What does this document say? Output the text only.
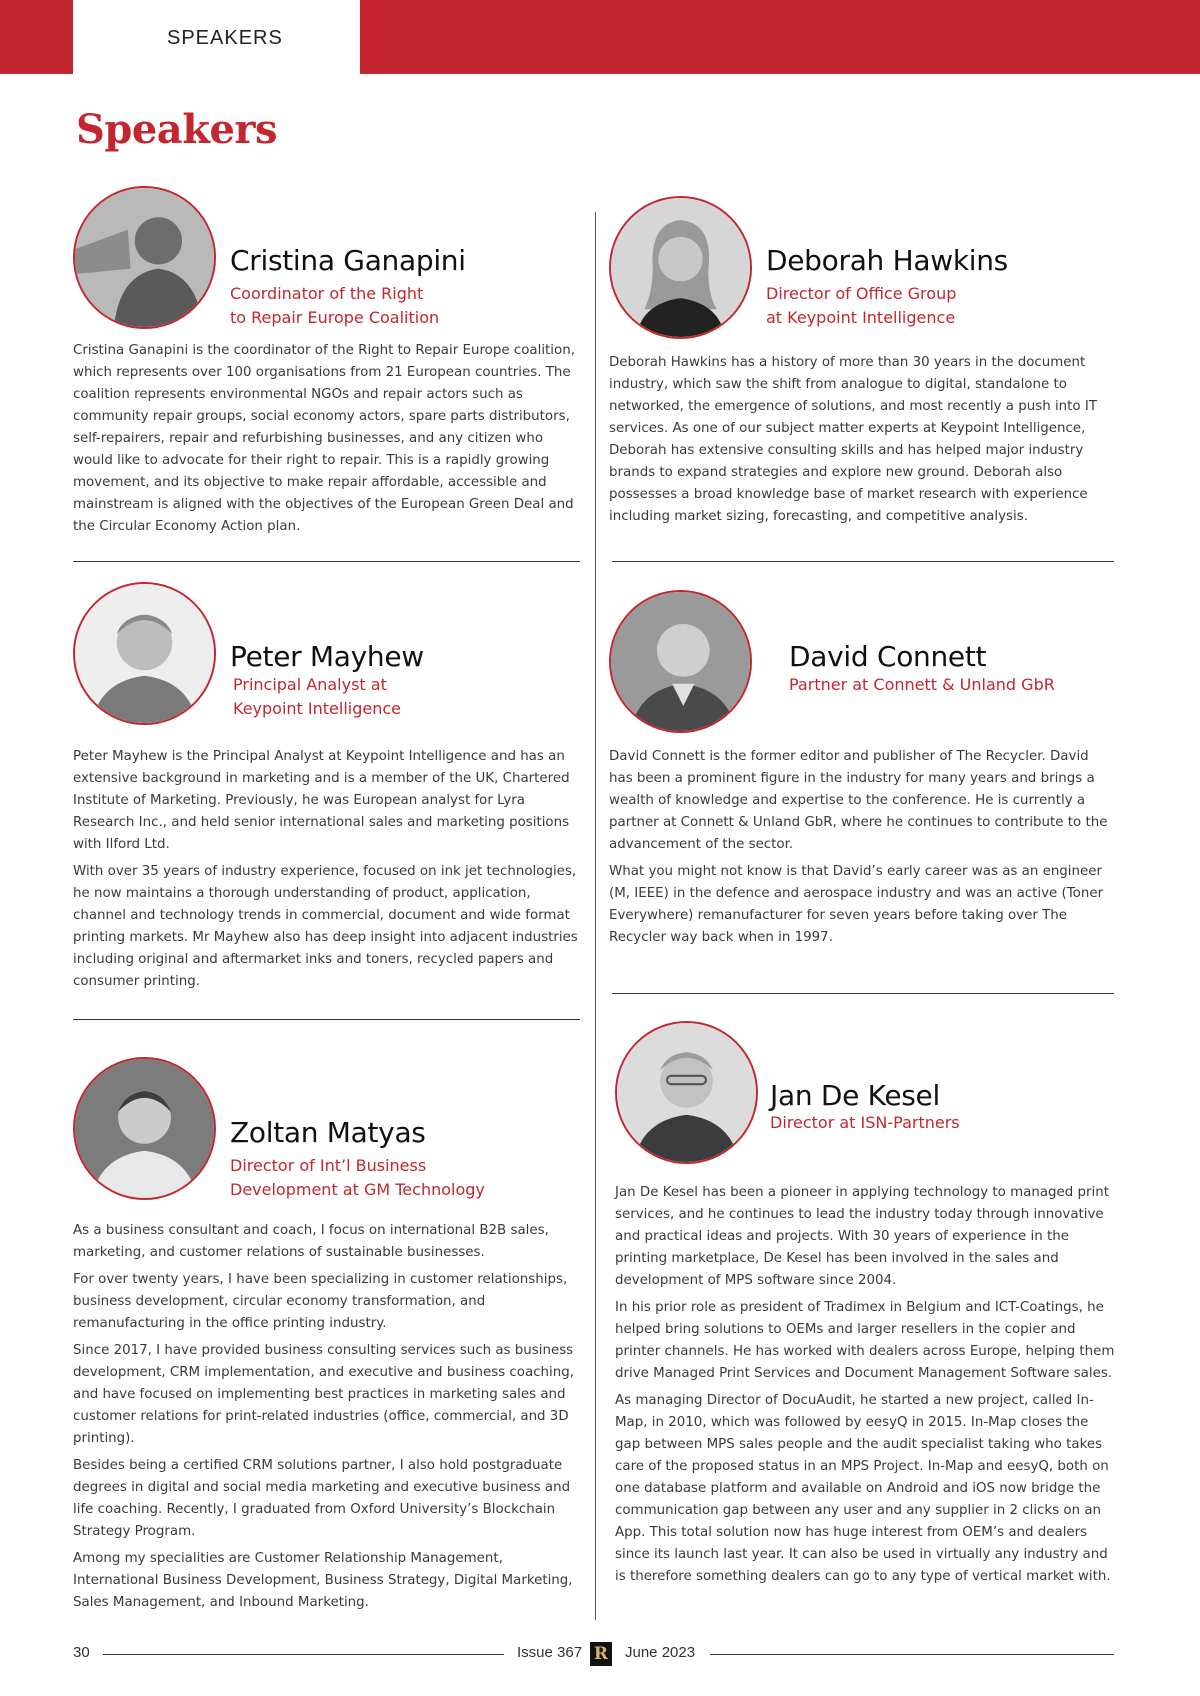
SPEAKERS
Speakers
Cristina Ganapini
Coordinator of the Right
to Repair Europe Coalition

Cristina Ganapini is the coordinator of the Right to Repair Europe coalition, which represents over 100 organisations from 21 European countries. The coalition represents environmental NGOs and repair actors such as community repair groups, social economy actors, spare parts distributors, self-repairers, repair and refurbishing businesses, and any citizen who would like to advocate for their right to repair. This is a rapidly growing movement, and its objective to make repair affordable, accessible and mainstream is aligned with the objectives of the European Green Deal and the Circular Economy Action plan.

Deborah Hawkins
Director of Office Group
at Keypoint Intelligence

Deborah Hawkins has a history of more than 30 years in the document industry, which saw the shift from analogue to digital, standalone to networked, the emergence of solutions, and most recently a push into IT services. As one of our subject matter experts at Keypoint Intelligence, Deborah has extensive consulting skills and has helped major industry brands to expand strategies and explore new ground. Deborah also possesses a broad knowledge base of market research with experience including market sizing, forecasting, and competitive analysis.

Peter Mayhew
Principal Analyst at
Keypoint Intelligence

Peter Mayhew is the Principal Analyst at Keypoint Intelligence and has an extensive background in marketing and is a member of the UK, Chartered Institute of Marketing. Previously, he was European analyst for Lyra Research Inc., and held senior international sales and marketing positions with Ilford Ltd.

With over 35 years of industry experience, focused on ink jet technologies, he now maintains a thorough understanding of product, application, channel and technology trends in commercial, document and wide format printing markets. Mr Mayhew also has deep insight into adjacent industries including original and aftermarket inks and toners, recycled papers and consumer printing.

David Connett
Partner at Connett & Unland GbR

David Connett is the former editor and publisher of The Recycler. David has been a prominent figure in the industry for many years and brings a wealth of knowledge and expertise to the conference. He is currently a partner at Connett & Unland GbR, where he continues to contribute to the advancement of the sector.

What you might not know is that David’s early career was as an engineer (M, IEEE) in the defence and aerospace industry and was an active (Toner Everywhere) remanufacturer for seven years before taking over The Recycler way back when in 1997.

Zoltan Matyas
Director of Int’l Business
Development at GM Technology

As a business consultant and coach, I focus on international B2B sales, marketing, and customer relations of sustainable businesses.

For over twenty years, I have been specializing in customer relationships, business development, circular economy transformation, and remanufacturing in the office printing industry.

Since 2017, I have provided business consulting services such as business development, CRM implementation, and executive and business coaching, and have focused on implementing best practices in marketing sales and customer relations for print-related industries (office, commercial, and 3D printing).

Besides being a certified CRM solutions partner, I also hold postgraduate degrees in digital and social media marketing and executive business and life coaching. Recently, I graduated from Oxford University’s Blockchain Strategy Program.

Among my specialities are Customer Relationship Management, International Business Development, Business Strategy, Digital Marketing, Sales Management, and Inbound Marketing.

Jan De Kesel
Director at ISN-Partners

Jan De Kesel has been a pioneer in applying technology to managed print services, and he continues to lead the industry today through innovative and practical ideas and projects. With 30 years of experience in the printing marketplace, De Kesel has been involved in the sales and development of MPS software since 2004.

In his prior role as president of Tradimex in Belgium and ICT-Coatings, he helped bring solutions to OEMs and larger resellers in the copier and printer channels. He has worked with dealers across Europe, helping them drive Managed Print Services and Document Management Software sales.

As managing Director of DocuAudit, he started a new project, called In-Map, in 2010, which was followed by eesyQ in 2015. In-Map closes the gap between MPS sales people and the audit specialist taking who takes care of the proposed status in an MPS Project. In-Map and eesyQ, both on one database platform and available on Android and iOS now bridge the communication gap between any user and any supplier in 2 clicks on an App. This total solution now has huge interest from OEM’s and dealers since its launch last year. It can also be used in virtually any industry and is therefore something dealers can go to any type of vertical market with.

30	Issue 367 R June 2023
